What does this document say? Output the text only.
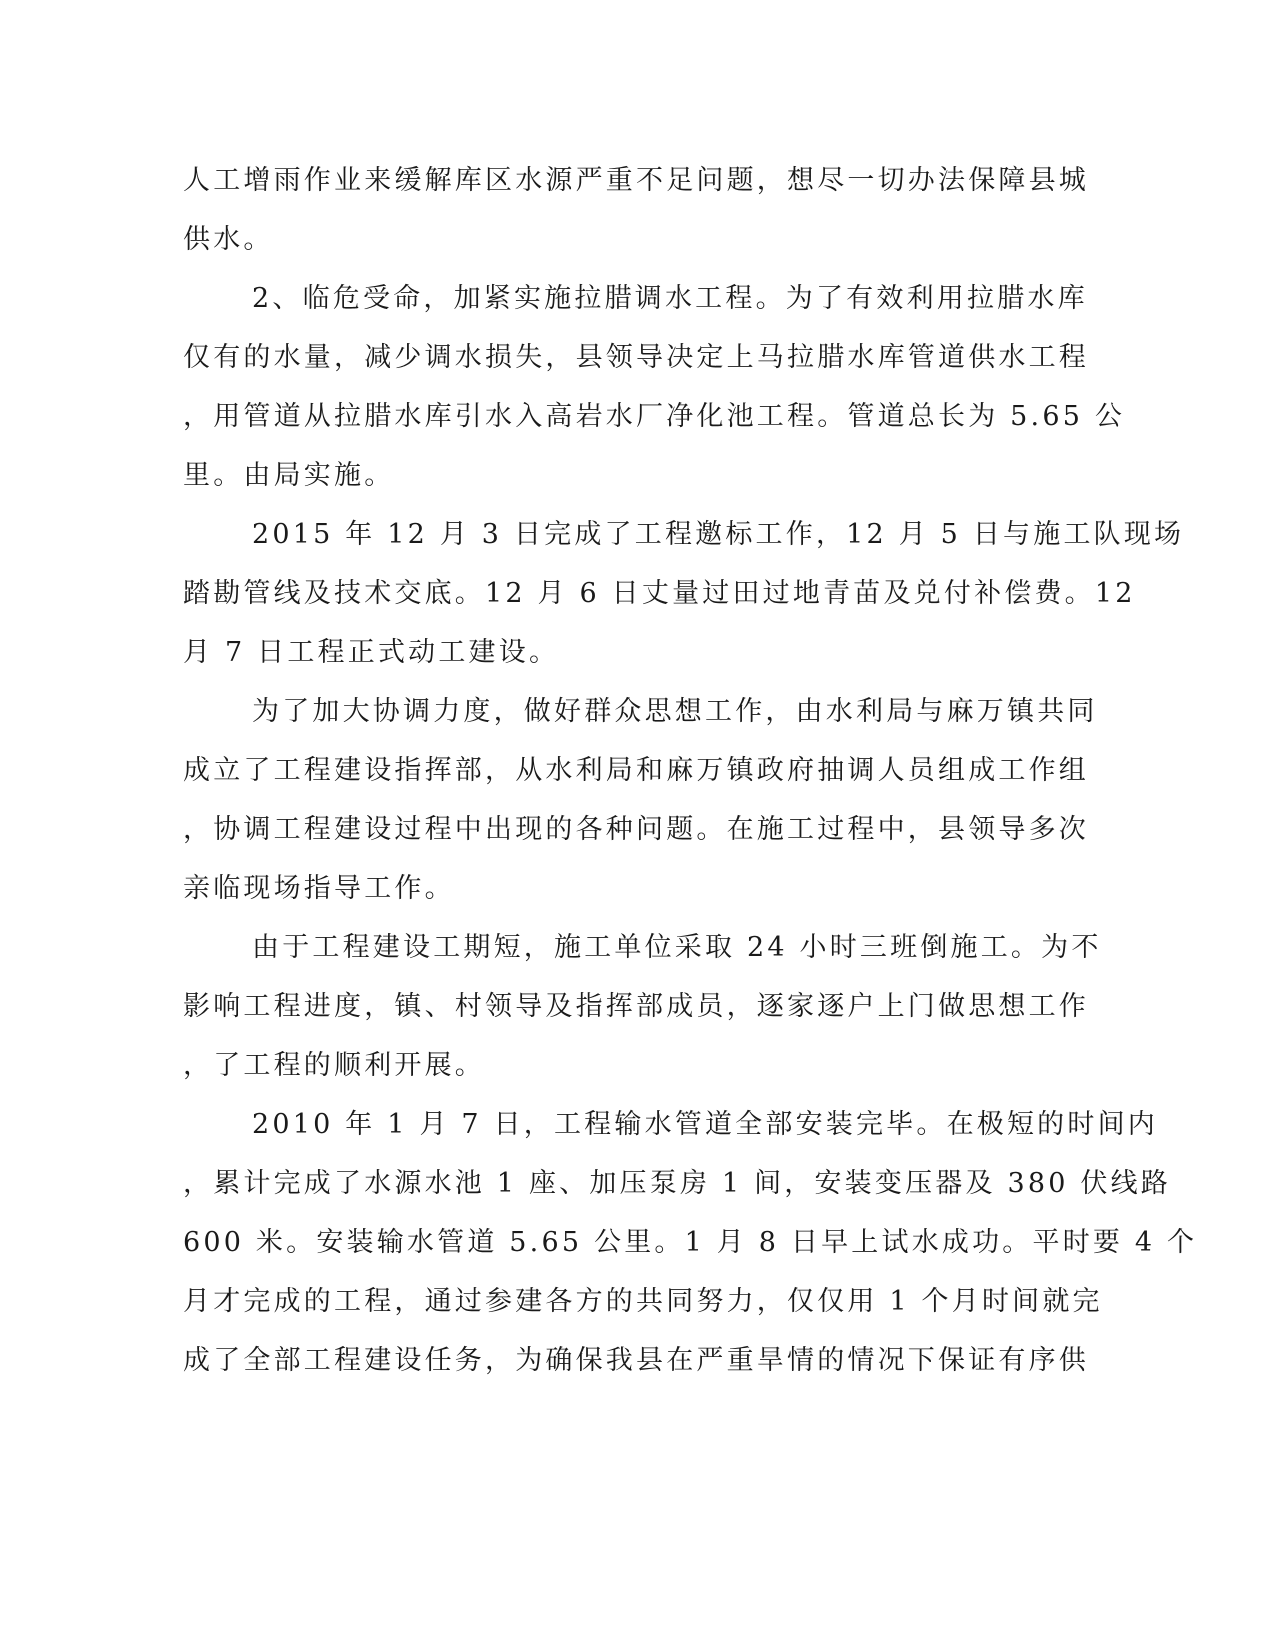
人工增雨作业来缓解库区水源严重不足问题，想尽一切办法保障县城
供水。
2、临危受命，加紧实施拉腊调水工程。为了有效利用拉腊水库
仅有的水量，减少调水损失，县领导决定上马拉腊水库管道供水工程
，用管道从拉腊水库引水入高岩水厂净化池工程。管道总长为 5.65 公
里。由局实施。
2015 年 12 月 3 日完成了工程邀标工作，12 月 5 日与施工队现场
踏勘管线及技术交底。12 月 6 日丈量过田过地青苗及兑付补偿费。12
月 7 日工程正式动工建设。
为了加大协调力度，做好群众思想工作，由水利局与麻万镇共同
成立了工程建设指挥部，从水利局和麻万镇政府抽调人员组成工作组
，协调工程建设过程中出现的各种问题。在施工过程中，县领导多次
亲临现场指导工作。
由于工程建设工期短，施工单位采取 24 小时三班倒施工。为不
影响工程进度，镇、村领导及指挥部成员，逐家逐户上门做思想工作
，了工程的顺利开展。
2010 年 1 月 7 日，工程输水管道全部安装完毕。在极短的时间内
，累计完成了水源水池 1 座、加压泵房 1 间，安装变压器及 380 伏线路
600 米。安装输水管道 5.65 公里。1 月 8 日早上试水成功。平时要 4 个
月才完成的工程，通过参建各方的共同努力，仅仅用 1 个月时间就完
成了全部工程建设任务，为确保我县在严重旱情的情况下保证有序供
